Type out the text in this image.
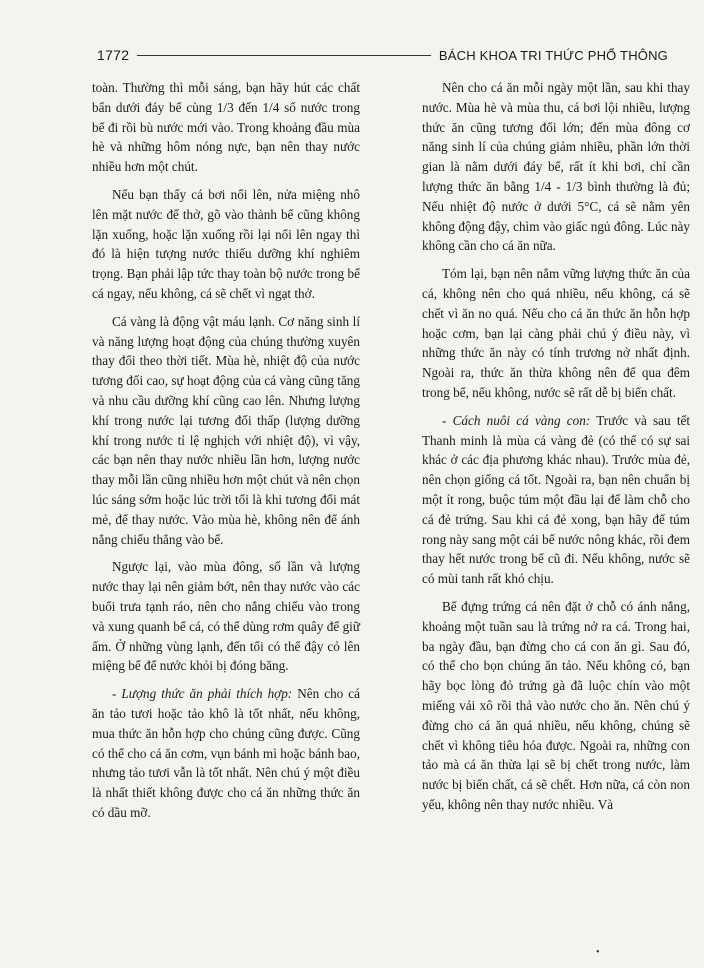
1772	BÁCH KHOA TRI THỨC PHỔ THÔNG

toàn. Thường thì mỗi sáng, bạn hãy hút các chất bẩn dưới đáy bể cùng 1/3 đến 1/4 số nước trong bể đi rồi bù nước mới vào. Trong khoảng đầu mùa hè và những hôm nóng nực, bạn nên thay nước nhiều hơn một chút.

Nếu bạn thấy cá bơi nổi lên, nửa miệng nhô lên mặt nước để thở, gõ vào thành bể cũng không lặn xuống, hoặc lặn xuống rồi lại nổi lên ngay thì đó là hiện tượng nước thiếu dưỡng khí nghiêm trọng. Bạn phải lập tức thay toàn bộ nước trong bể cá ngay, nếu không, cá sẽ chết vì ngạt thở.

Cá vàng là động vật máu lạnh. Cơ năng sinh lí và năng lượng hoạt động của chúng thường xuyên thay đổi theo thời tiết. Mùa hè, nhiệt độ của nước tương đối cao, sự hoạt động của cá vàng cũng tăng và nhu cầu dưỡng khí cũng cao lên. Nhưng lượng khí trong nước lại tương đối thấp (lượng dưỡng khí trong nước tỉ lệ nghịch với nhiệt độ), vì vậy, các bạn nên thay nước nhiều lần hơn, lượng nước thay mỗi lần cũng nhiều hơn một chút và nên chọn lúc sáng sớm hoặc lúc trời tối là khi tương đối mát mẻ, để thay nước. Vào mùa hè, không nên để ánh nắng chiếu thẳng vào bể.

Ngược lại, vào mùa đông, số lần và lượng nước thay lại nên giảm bớt, nên thay nước vào các buổi trưa tạnh ráo, nên cho nắng chiếu vào trong và xung quanh bể cá, có thể dùng rơm quây để giữ ấm. Ở những vùng lạnh, đến tối có thể đậy cỏ lên miệng bể để nước khỏi bị đóng băng.

- Lượng thức ăn phải thích hợp: Nên cho cá ăn tảo tươi hoặc tảo khô là tốt nhất, nếu không, mua thức ăn hỗn hợp cho chúng cũng được. Cũng có thể cho cá ăn cơm, vụn bánh mì hoặc bánh bao, nhưng tảo tươi vẫn là tốt nhất. Nên chú ý một điều là nhất thiết không được cho cá ăn những thức ăn có dầu mỡ.

Nên cho cá ăn mỗi ngày một lần, sau khi thay nước. Mùa hè và mùa thu, cá bơi lội nhiều, lượng thức ăn cũng tương đối lớn; đến mùa đông cơ năng sinh lí của chúng giảm nhiều, phần lớn thời gian là nằm dưới đáy bể, rất ít khi bơi, chỉ cần lượng thức ăn bằng 1/4 - 1/3 bình thường là đủ; Nếu nhiệt độ nước ở dưới 5°C, cá sẽ nằm yên không động đậy, chìm vào giấc ngủ đông. Lúc này không cần cho cá ăn nữa.

Tóm lại, bạn nên nắm vững lượng thức ăn của cá, không nên cho quá nhiều, nếu không, cá sẽ chết vì ăn no quá. Nếu cho cá ăn thức ăn hỗn hợp hoặc cơm, bạn lại càng phải chú ý điều này, vì những thức ăn này có tính trương nở nhất định. Ngoài ra, thức ăn thừa không nên để qua đêm trong bể, nếu không, nước sẽ rất dễ bị biến chất.

- Cách nuôi cá vàng con: Trước và sau tết Thanh minh là mùa cá vàng đẻ (có thể có sự sai khác ở các địa phương khác nhau). Trước mùa đẻ, nên chọn giống cá tốt. Ngoài ra, bạn nên chuẩn bị một ít rong, buộc túm một đầu lại để làm chỗ cho cá đẻ trứng. Sau khi cá đẻ xong, bạn hãy để túm rong này sang một cái bể nước nông khác, rồi đem thay hết nước trong bể cũ đi. Nếu không, nước sẽ có mùi tanh rất khó chịu.

Bể đựng trứng cá nên đặt ở chỗ có ánh nắng, khoảng một tuần sau là trứng nở ra cá. Trong hai, ba ngày đầu, bạn đừng cho cá con ăn gì. Sau đó, có thể cho bọn chúng ăn tảo. Nếu không có, bạn hãy bọc lòng đỏ trứng gà đã luộc chín vào một miếng vải xô rồi thả vào nước cho ăn. Nên chú ý đừng cho cá ăn quá nhiều, nếu không, chúng sẽ chết vì không tiêu hóa được. Ngoài ra, những con tảo mà cá ăn thừa lại sẽ bị chết trong nước, làm nước bị biến chất, cá sẽ chết. Hơn nữa, cá còn non yếu, không nên thay nước nhiều. Và

•
